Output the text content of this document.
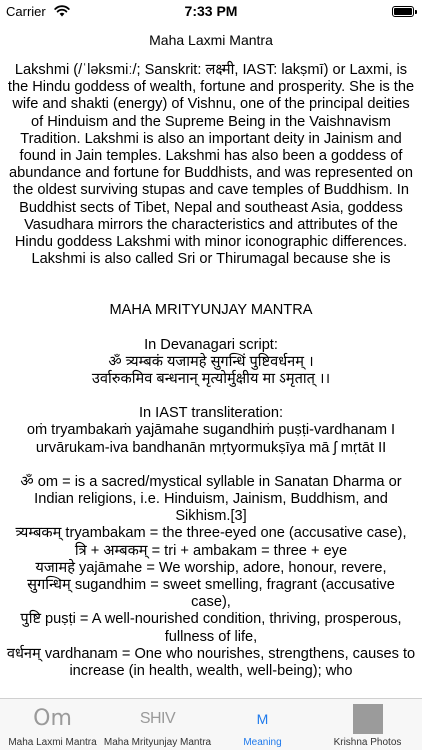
Carrier	7:33 PM
Maha Laxmi Mantra

Lakshmi (/ˈləksmiː/; Sanskrit: लक्ष्मी, IAST: lakṣmī) or Laxmi, is the Hindu goddess of wealth, fortune and prosperity. She is the wife and shakti (energy) of Vishnu, one of the principal deities of Hinduism and the Supreme Being in the Vaishnavism Tradition. Lakshmi is also an important deity in Jainism and found in Jain temples. Lakshmi has also been a goddess of abundance and fortune for Buddhists, and was represented on the oldest surviving stupas and cave temples of Buddhism. In Buddhist sects of Tibet, Nepal and southeast Asia, goddess Vasudhara mirrors the characteristics and attributes of the Hindu goddess Lakshmi with minor iconographic differences. Lakshmi is also called Sri or Thirumagal because she is

MAHA MRITYUNJAY MANTRA

In Devanagari script:

ॐ त्र्यम्बकं यजामहे सुगन्धिं पुष्टिवर्धनम् ।

उर्वारुकमिव बन्धनान् मृत्योर्मुक्षीय मा ऽमृतात् ।।

In IAST transliteration:

oṁ tryambakaṁ yajāmahe sugandhiṁ puṣṭi-vardhanam I

urvārukam-iva bandhanān mṛtyormukṣīya mā ʃ mṛtāt II

ॐ om = is a sacred/mystical syllable in Sanatan Dharma or Indian religions, i.e. Hinduism, Jainism, Buddhism, and Sikhism.[3]

त्र्यम्बकम् tryambakam = the three-eyed one (accusative case),

त्रि + अम्बकम् = tri + ambakam = three + eye

यजामहे yajāmahe = We worship, adore, honour, revere,

सुगन्धिम् sugandhim = sweet smelling, fragrant (accusative case),

पुष्टि puṣṭi = A well-nourished condition, thriving, prosperous, fullness of life,

वर्धनम् vardhanam = One who nourishes, strengthens, causes to increase (in health, wealth, well-being); who

Om
Maha Laxmi Mantra
SHIV
Maha Mrityunjay Mantra
M
Meaning	Krishna Photos
